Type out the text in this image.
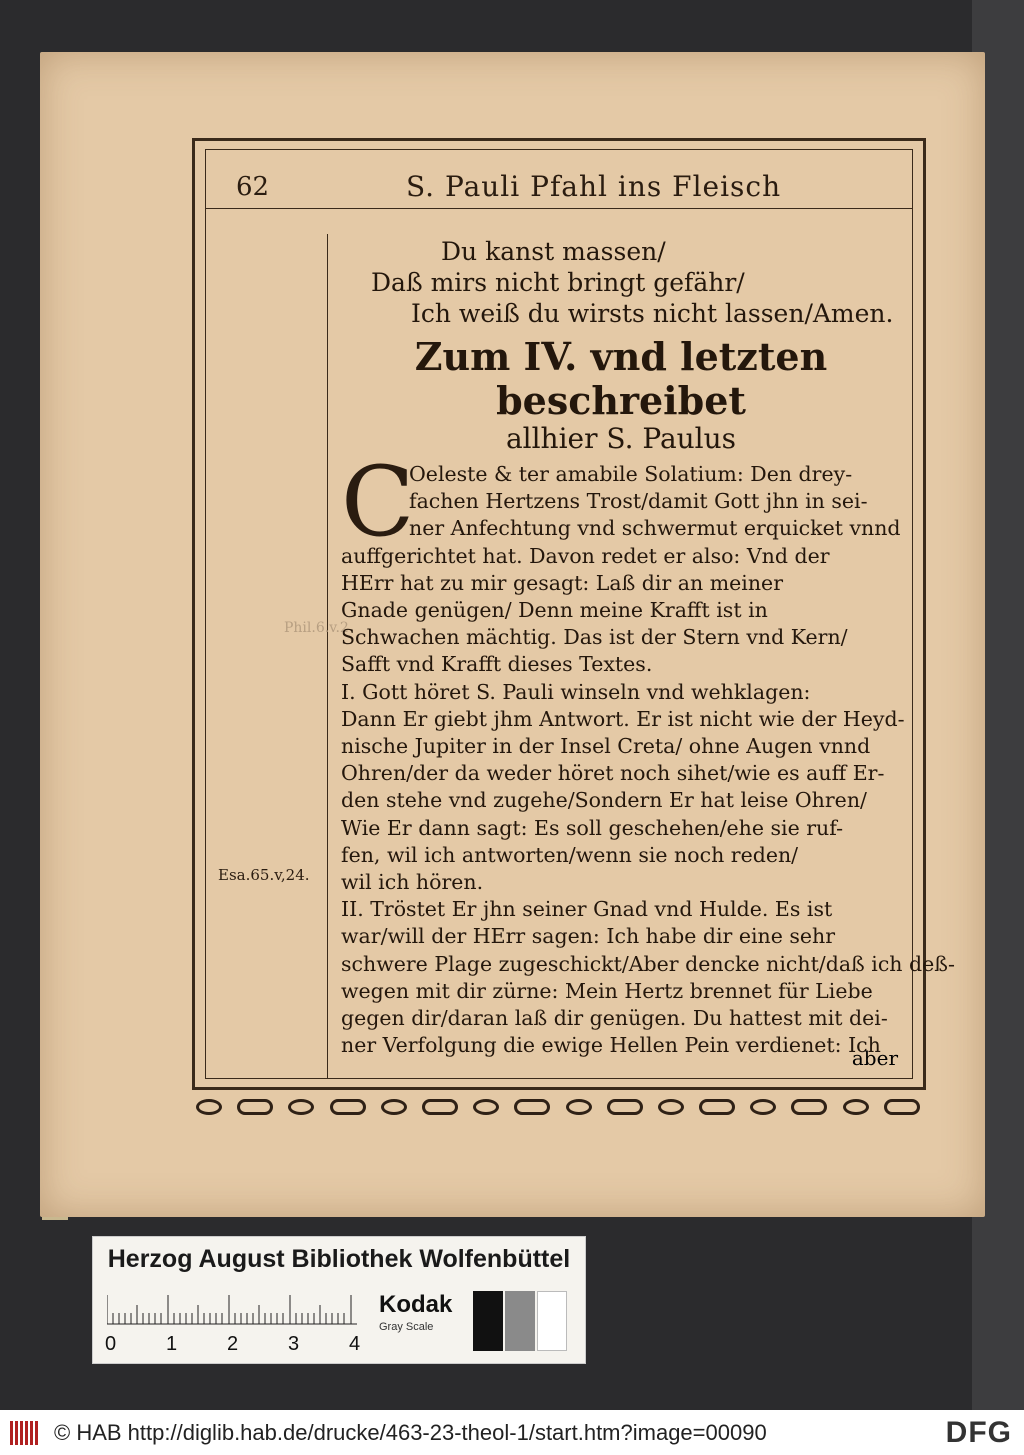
62	S. Pauli Pfahl ins Fleisch
Phil.6.v.2
Esa.65.v,24.
Du kanst massen/
Daß mirs nicht bringt gefähr/
Ich weiß du wirsts nicht lassen/Amen.
Zum IV. vnd letzten beschreibet
allhier S. Paulus
C
Oeleste & ter amabile Solatium: Den drey-
fachen Hertzens Trost/damit Gott jhn in sei-
ner Anfechtung vnd schwermut erquicket vnnd
auffgerichtet hat. Davon redet er also: Vnd der
HErr hat zu mir gesagt: Laß dir an meiner
Gnade genügen/ Denn meine Krafft ist in
Schwachen mächtig. Das ist der Stern vnd Kern/
Safft vnd Krafft dieses Textes.
I. Gott höret S. Pauli winseln vnd wehklagen:
Dann Er giebt jhm Antwort. Er ist nicht wie der Heyd-
nische Jupiter in der Insel Creta/ ohne Augen vnnd
Ohren/der da weder höret noch sihet/wie es auff Er-
den stehe vnd zugehe/Sondern Er hat leise Ohren/
Wie Er dann sagt: Es soll geschehen/ehe sie ruf-
fen, wil ich antworten/wenn sie noch reden/
wil ich hören.
II. Tröstet Er jhn seiner Gnad vnd Hulde. Es ist
war/will der HErr sagen: Ich habe dir eine sehr
schwere Plage zugeschickt/Aber dencke nicht/daß ich deß-
wegen mit dir zürne: Mein Hertz brennet für Liebe
gegen dir/daran laß dir genügen. Du hattest mit dei-
ner Verfolgung die ewige Hellen Pein verdienet: Ich
aber
Herzog August Bibliothek Wolfenbüttel
0 1 2 3 4
Kodak
Gray Scale
© HAB http://diglib.hab.de/drucke/463-23-theol-1/start.htm?image=00090	DFG
